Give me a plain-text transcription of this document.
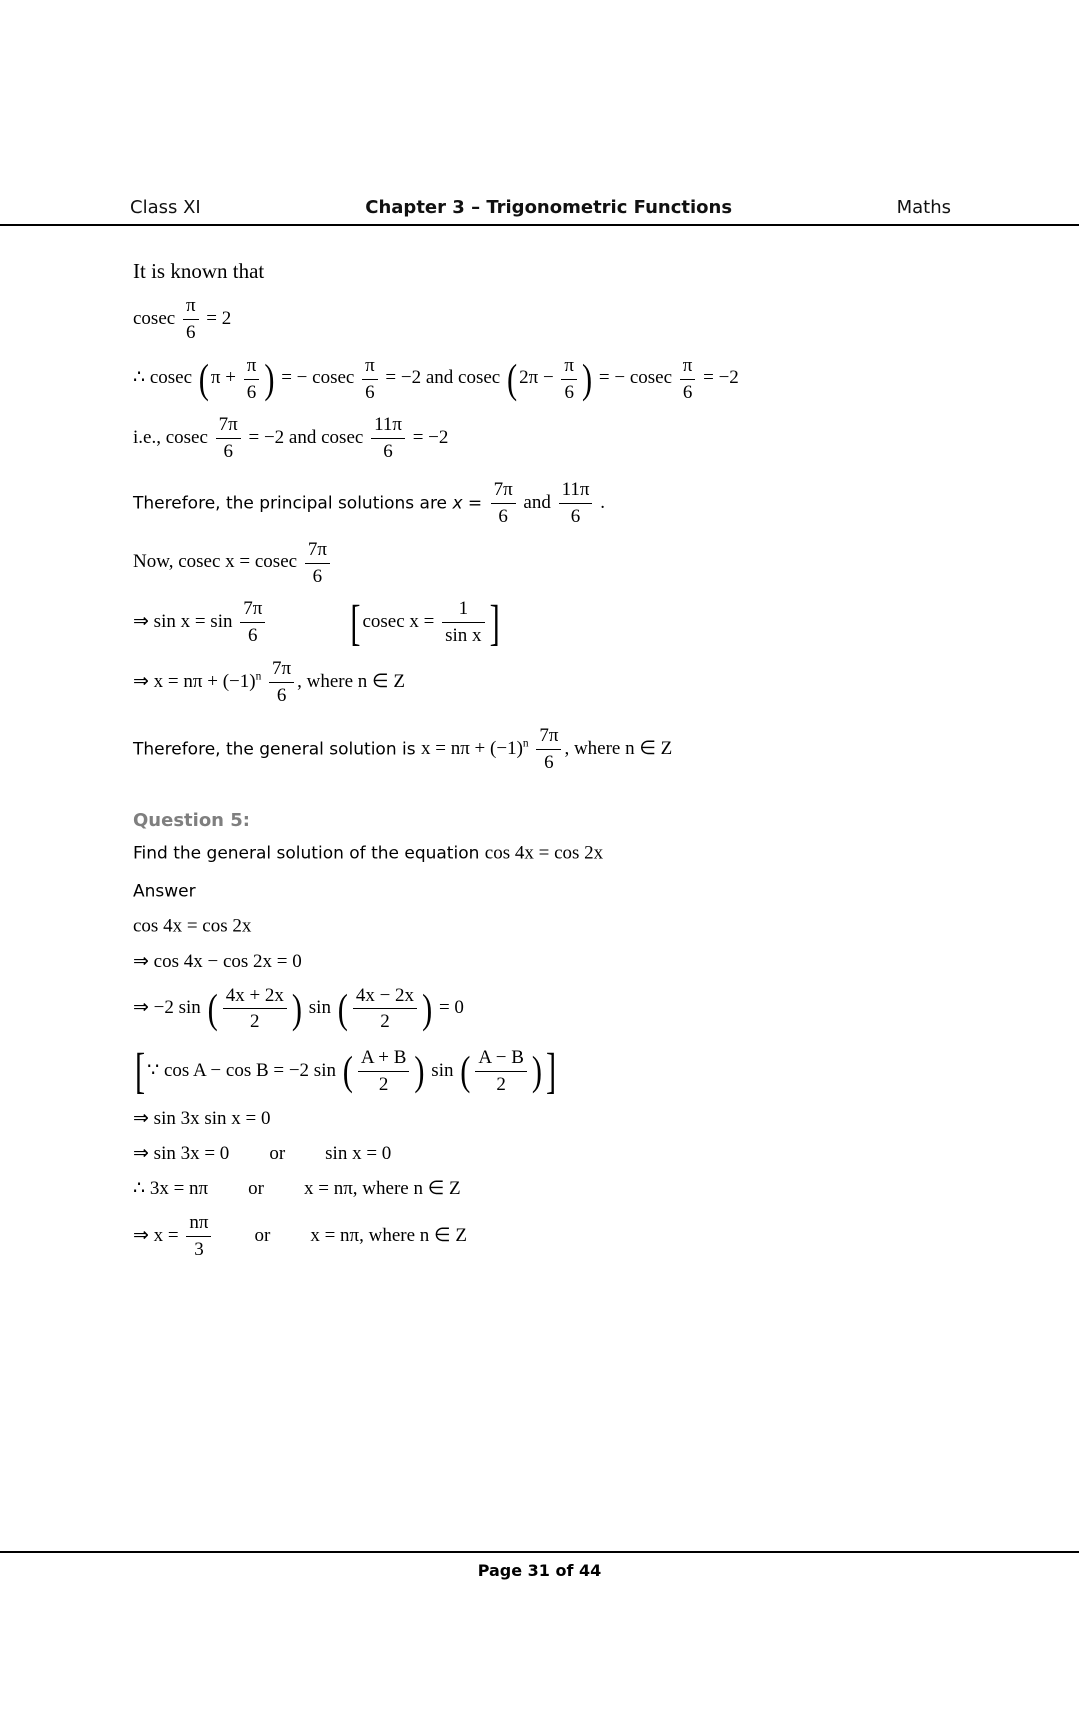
Class XI	Chapter 3 – Trigonometric Functions	Maths
It is known that
cosec $\frac{\pi}{6} = 2$
∴ cosec ( $\pi + \frac{\pi}{6}$ ) = − cosec $\frac{\pi}{6} = -2$ and cosec ( $2\pi - \frac{\pi}{6}$ ) = − cosec $\frac{\pi}{6} = -2$
i.e., cosec $\frac{7\pi}{6} = -2$ and cosec $\frac{11\pi}{6} = -2$
Therefore, the principal solutions are $x = \frac{7\pi}{6}$ and $\frac{11\pi}{6}$ .
Now, cosec x = cosec $\frac{7\pi}{6}$
⇒ $\sin x = \sin \frac{7\pi}{6}$	[ cosec $x = \frac{1}{\text{sin x}}$ ]
⇒ $x = n\pi + (-1)^n \frac{7\pi}{6}$ , where n ∈ Z
Therefore, the general solution is $x = n\pi + (-1)^n \frac{7\pi}{6}$ , where n ∈ Z
Question 5:
Find the general solution of the equation cos 4x = cos 2x
Answer
cos 4x = cos 2x
⇒ cos 4x − cos 2x = 0
⇒ −2 sin ( $\frac{4x + 2x}{2}$ ) sin ( $\frac{4x - 2x}{2}$ ) = 0
[ ∵ cos A − cos B = −2 sin ( $\frac{A + B}{2}$ ) sin ( $\frac{A - B}{2}$ ) ]
⇒ sin 3x sin x = 0
⇒ sin 3x = 0 or sin x = 0
∴ 3x = nπ or x = nπ, where n ∈ Z
⇒ $x = \frac{n\pi}{3}$ or x = nπ, where n ∈ Z
Page 31 of 44
